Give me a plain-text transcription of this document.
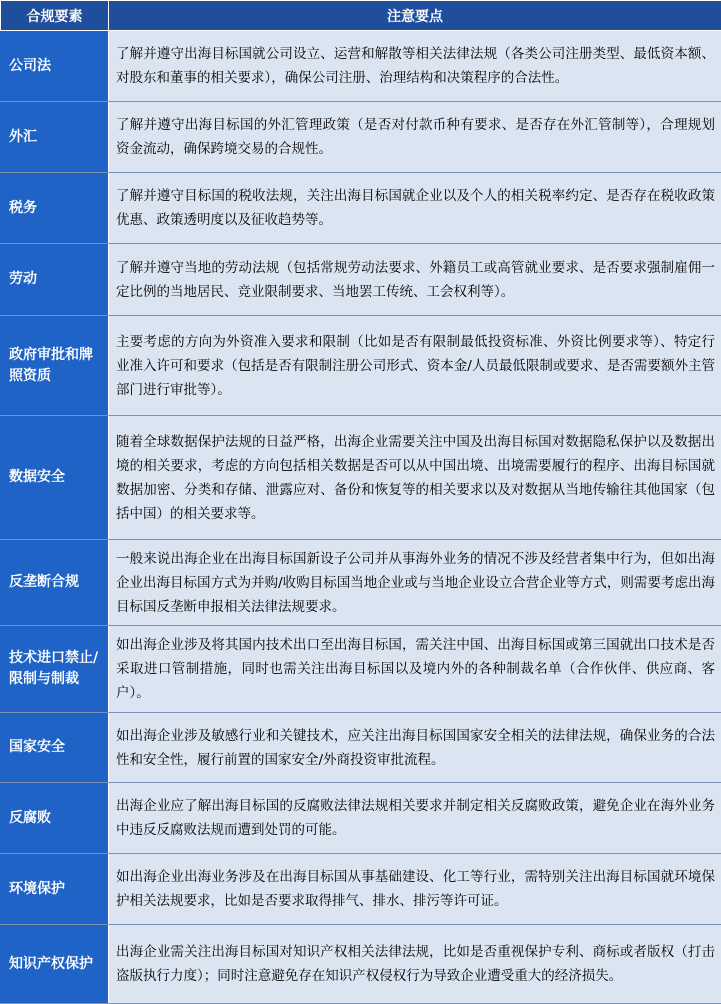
合规要素	注意要点
公司法	了解并遵守出海目标国就公司设立、运营和解散等相关法律法规（各类公司注册类型、最低资本额、对股东和董事的相关要求），确保公司注册、治理结构和决策程序的合法性。
外汇	了解并遵守出海目标国的外汇管理政策（是否对付款币种有要求、是否存在外汇管制等），合理规划资金流动，确保跨境交易的合规性。
税务	了解并遵守目标国的税收法规，关注出海目标国就企业以及个人的相关税率约定、是否存在税收政策优惠、政策透明度以及征收趋势等。
劳动	了解并遵守当地的劳动法规（包括常规劳动法要求、外籍员工或高管就业要求、是否要求强制雇佣一定比例的当地居民、竞业限制要求、当地罢工传统、工会权利等）。
政府审批和牌照资质	主要考虑的方向为外资准入要求和限制（比如是否有限制最低投资标准、外资比例要求等）、特定行业准入许可和要求（包括是否有限制注册公司形式、资本金/人员最低限制或要求、是否需要额外主管部门进行审批等）。
数据安全	随着全球数据保护法规的日益严格，出海企业需要关注中国及出海目标国对数据隐私保护以及数据出境的相关要求，考虑的方向包括相关数据是否可以从中国出境、出境需要履行的程序、出海目标国就数据加密、分类和存储、泄露应对、备份和恢复等的相关要求以及对数据从当地传输往其他国家（包括中国）的相关要求等。
反垄断合规	一般来说出海企业在出海目标国新设子公司并从事海外业务的情况不涉及经营者集中行为，但如出海企业出海目标国方式为并购/收购目标国当地企业或与当地企业设立合营企业等方式，则需要考虑出海目标国反垄断申报相关法律法规要求。
技术进口禁止/限制与制裁	如出海企业涉及将其国内技术出口至出海目标国，需关注中国、出海目标国或第三国就出口技术是否采取进口管制措施，同时也需关注出海目标国以及境内外的各种制裁名单（合作伙伴、供应商、客户）。
国家安全	如出海企业涉及敏感行业和关键技术，应关注出海目标国国家安全相关的法律法规，确保业务的合法性和安全性，履行前置的国家安全/外商投资审批流程。
反腐败	出海企业应了解出海目标国的反腐败法律法规相关要求并制定相关反腐败政策，避免企业在海外业务中违反反腐败法规而遭到处罚的可能。
环境保护	如出海企业出海业务涉及在出海目标国从事基础建设、化工等行业，需特别关注出海目标国就环境保护相关法规要求，比如是否要求取得排气、排水、排污等许可证。
知识产权保护	出海企业需关注出海目标国对知识产权相关法律法规，比如是否重视保护专利、商标或者版权（打击盗版执行力度）；同时注意避免存在知识产权侵权行为导致企业遭受重大的经济损失。
